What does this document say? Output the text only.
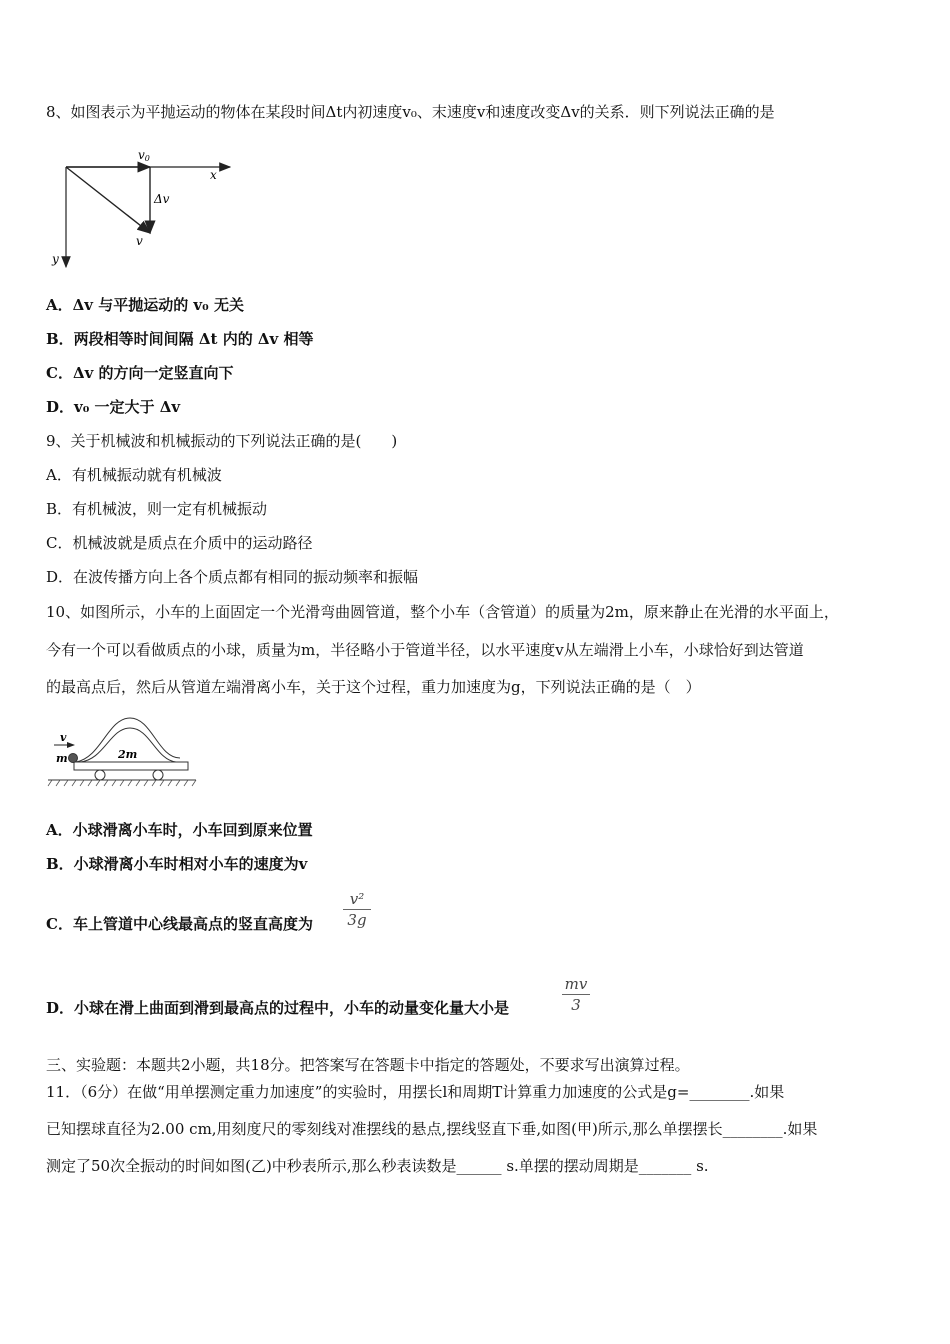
8、如图表示为平抛运动的物体在某段时间Δt内初速度v₀、末速度v和速度改变Δv的关系．则下列说法正确的是
v0
x
Δv
v
y
A．Δv 与平抛运动的 v₀ 无关
B．两段相等时间间隔 Δt 内的 Δv 相等
C．Δv 的方向一定竖直向下
D．v₀ 一定大于 Δv
9、关于机械波和机械振动的下列说法正确的是(　　)
A．有机械振动就有机械波
B．有机械波，则一定有机械振动
C．机械波就是质点在介质中的运动路径
D．在波传播方向上各个质点都有相同的振动频率和振幅
10、如图所示，小车的上面固定一个光滑弯曲圆管道，整个小车（含管道）的质量为2m，原来静止在光滑的水平面上，
今有一个可以看做质点的小球，质量为m，半径略小于管道半径，以水平速度v从左端滑上小车，小球恰好到达管道
的最高点后，然后从管道左端滑离小车，关于这个过程，重力加速度为g，下列说法正确的是（　）
v
m	2m
A．小球滑离小车时，小车回到原来位置
B．小球滑离小车时相对小车的速度为v
C．车上管道中心线最高点的竖直高度为
v²
3g
D．小球在滑上曲面到滑到最高点的过程中，小车的动量变化量大小是
mv
3
三、实验题：本题共2小题，共18分。把答案写在答题卡中指定的答题处，不要求写出演算过程。
11．（6分）在做“用单摆测定重力加速度”的实验时，用摆长l和周期T计算重力加速度的公式是g=________.如果
已知摆球直径为2.00 cm,用刻度尺的零刻线对准摆线的悬点,摆线竖直下垂,如图(甲)所示,那么单摆摆长________.如果
测定了50次全振动的时间如图(乙)中秒表所示,那么秒表读数是______ s.单摆的摆动周期是_______ s.
